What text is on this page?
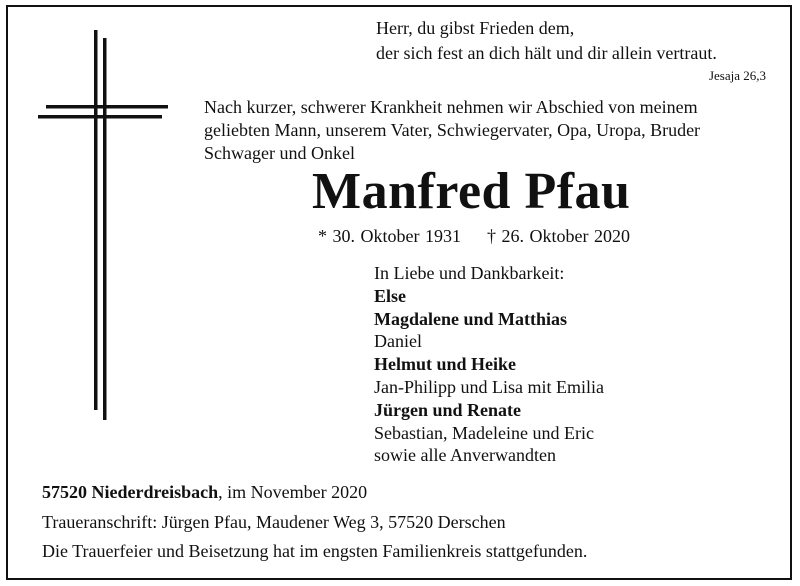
Herr, du gibst Frieden dem,
der sich fest an dich hält und dir allein vertraut.
Jesaja 26,3
Nach kurzer, schwerer Krankheit nehmen wir Abschied von meinem
geliebten Mann, unserem Vater, Schwiegervater, Opa, Uropa, Bruder
Schwager und Onkel
Manfred Pfau
* 30. Oktober 1931 † 26. Oktober 2020
In Liebe und Dankbarkeit:
Else
Magdalene und Matthias
Daniel
Helmut und Heike
Jan-Philipp und Lisa mit Emilia
Jürgen und Renate
Sebastian, Madeleine und Eric
sowie alle Anverwandten
57520 Niederdreisbach, im November 2020
Traueranschrift: Jürgen Pfau, Maudener Weg 3, 57520 Derschen
Die Trauerfeier und Beisetzung hat im engsten Familienkreis stattgefunden.
